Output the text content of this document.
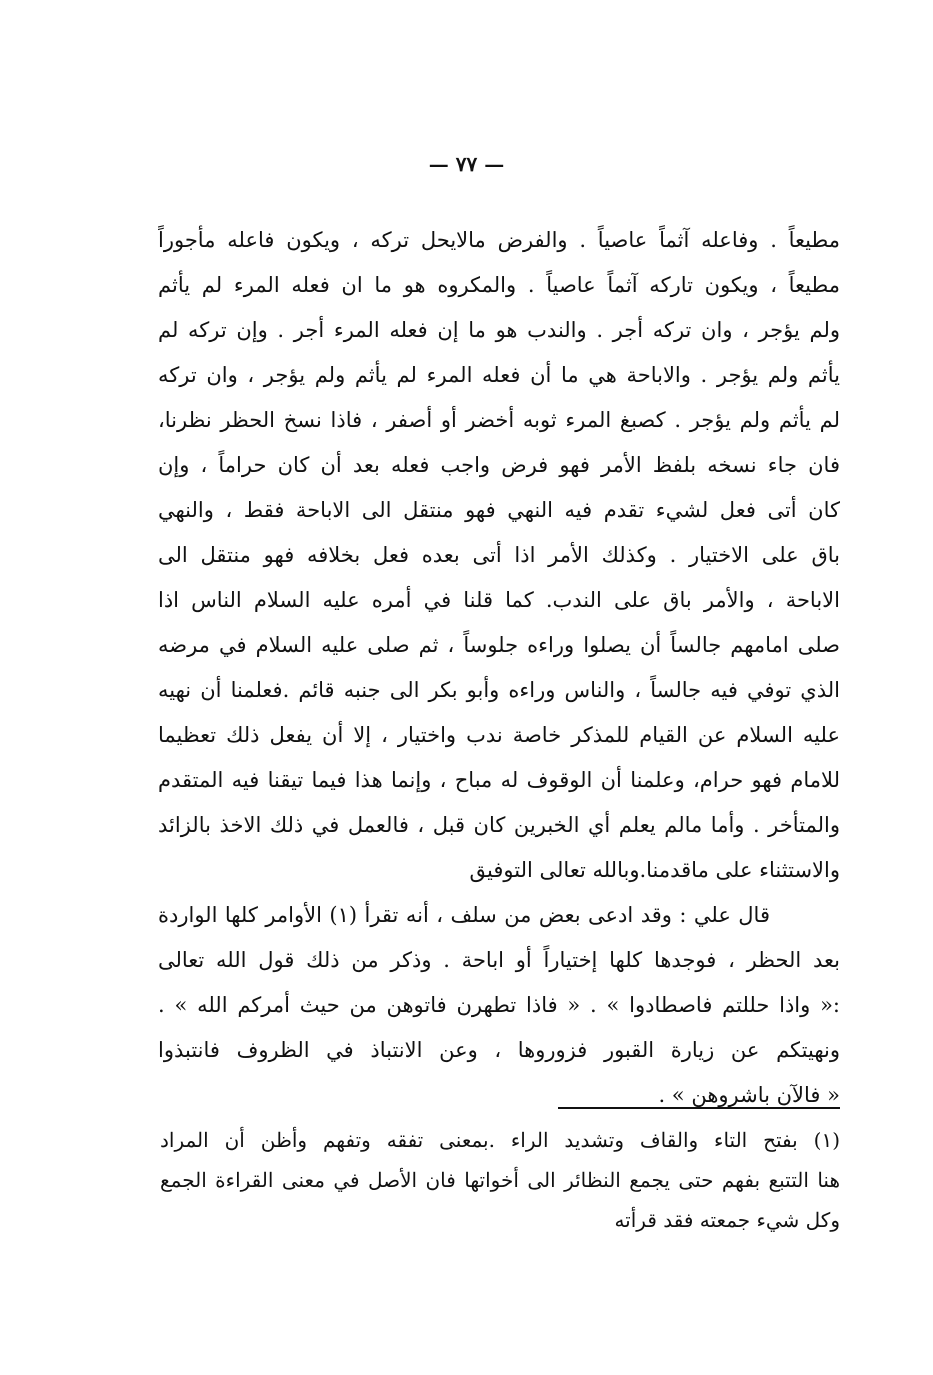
— ٧٧ —

مطيعاً . وفاعله آثماً عاصياً . والفرض مالايحل تركه ، ويكون فاعله مأجوراً
مطيعاً ، ويكون تاركه آثماً عاصياً . والمكروه هو ما ان فعله المرء لم يأثم
ولم يؤجر ، وان تركه أجر . والندب هو ما إن فعله المرء أجر . وإن تركه لم
يأثم ولم يؤجر . والاباحة هي ما أن فعله المرء لم يأثم ولم يؤجر ، وان تركه
لم يأثم ولم يؤجر . كصبغ المرء ثوبه أخضر أو أصفر ، فاذا نسخ الحظر نظرنا،
فان جاء نسخه بلفظ الأمر فهو فرض واجب فعله بعد أن كان حراماً ، وإن
كان أتى فعل لشيء تقدم فيه النهي فهو منتقل الى الاباحة فقط ، والنهي
باق على الاختيار . وكذلك الأمر اذا أتى بعده فعل بخلافه فهو منتقل الى
الاباحة ، والأمر باق على الندب. كما قلنا في أمره عليه السلام الناس اذا
صلى امامهم جالساً أن يصلوا وراءه جلوساً ، ثم صلى عليه السلام في مرضه
الذي توفي فيه جالساً ، والناس وراءه وأبو بكر الى جنبه قائم .فعلمنا أن نهيه
عليه السلام عن القيام للمذكر خاصة ندب واختيار ، إلا أن يفعل ذلك تعظيما
للامام فهو حرام، وعلمنا أن الوقوف له مباح ، وإنما هذا فيما تيقنا فيه المتقدم
والمتأخر . وأما مالم يعلم أي الخبرين كان قبل ، فالعمل في ذلك الاخذ بالزائد
والاستثناء على ماقدمنا.وبالله تعالى التوفيق

قال علي : وقد ادعى بعض من سلف ، أنه تقرأ (١) الأوامر كلها الواردة
بعد الحظر ، فوجدها كلها إختياراً أو اباحة . وذكر من ذلك قول الله تعالى
:« واذا حللتم فاصطادوا » . « فاذا تطهرن فاتوهن من حيث أمركم الله » .
ونهيتكم عن زيارة القبور فزوروها ، وعن الانتباذ في الظروف فانتبذوا
« فالآن باشروهن » .

(١) بفتح التاء والقاف وتشديد الراء .بمعنى تفقه وتفهم وأظن أن المراد
هنا التتبع بفهم حتى يجمع النظائر الى أخواتها فان الأصل في معنى القراءة الجمع
وكل شيء جمعته فقد قرأته
